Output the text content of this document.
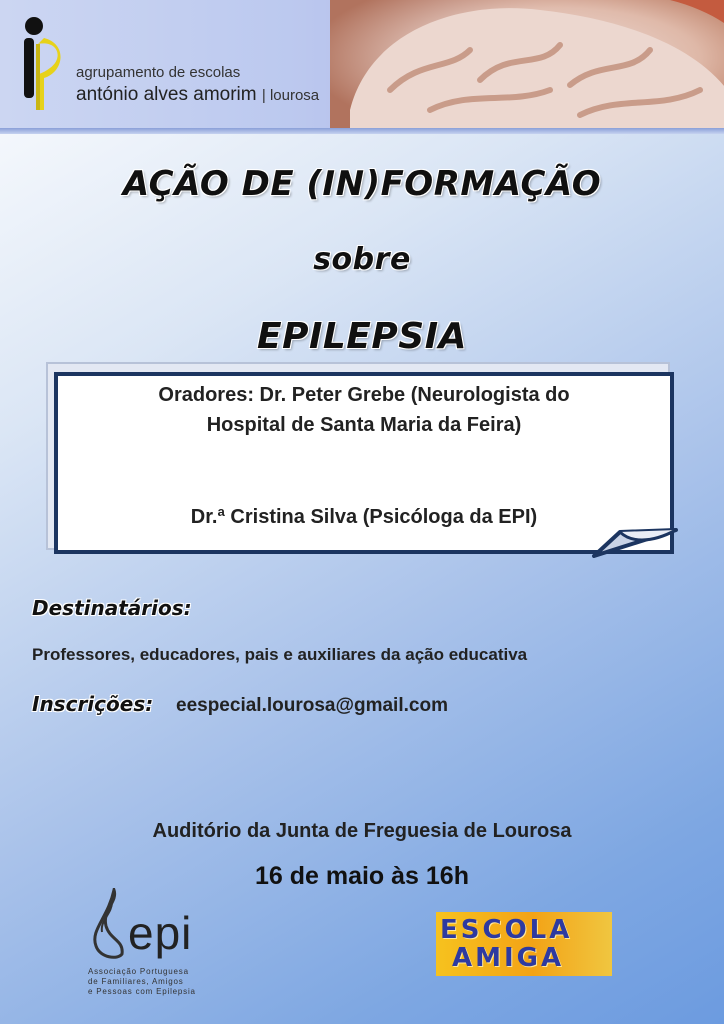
agrupamento de escolas
antónio alves amorim | lourosa
AÇÃO DE (IN)FORMAÇÃO
sobre
EPILEPSIA
Oradores: Dr. Peter Grebe (Neurologista do
Hospital de Santa Maria da Feira)
Dr.ª Cristina Silva (Psicóloga da EPI)
Destinatários:
Professores, educadores, pais e auxiliares da ação educativa
Inscrições: eespecial.lourosa@gmail.com
Auditório da Junta de Freguesia de Lourosa
16 de maio às 16h
epi
Associação Portuguesa
de Familiares, Amigos
e Pessoas com Epilepsia
ESCOLA
AMIGA
